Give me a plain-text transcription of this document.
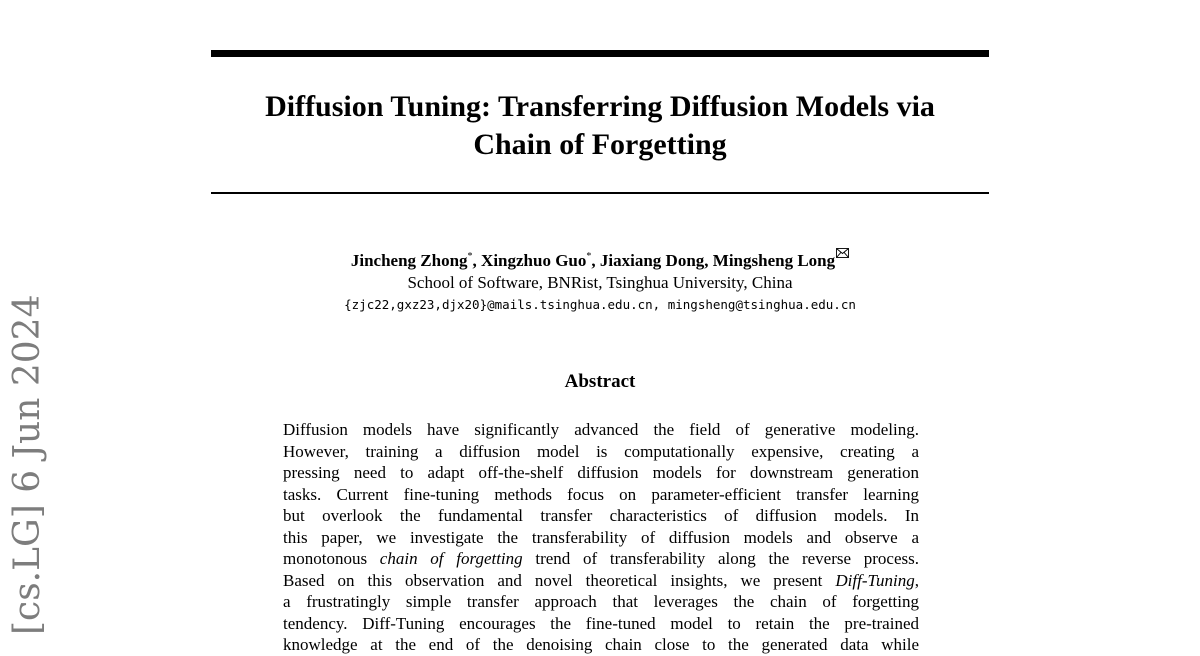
[cs.LG] 6 Jun 2024
Diffusion Tuning: Transferring Diffusion Models via
Chain of Forgetting
Jincheng Zhong*, Xingzhuo Guo*, Jiaxiang Dong, Mingsheng Long
School of Software, BNRist, Tsinghua University, China
{zjc22,gxz23,djx20}@mails.tsinghua.edu.cn, mingsheng@tsinghua.edu.cn
Abstract
Diffusion models have significantly advanced the field of generative modeling.
However, training a diffusion model is computationally expensive, creating a
pressing need to adapt off-the-shelf diffusion models for downstream generation
tasks. Current fine-tuning methods focus on parameter-efficient transfer learning
but overlook the fundamental transfer characteristics of diffusion models. In
this paper, we investigate the transferability of diffusion models and observe a
monotonous chain of forgetting trend of transferability along the reverse process.
Based on this observation and novel theoretical insights, we present Diff-Tuning,
a frustratingly simple transfer approach that leverages the chain of forgetting
tendency. Diff-Tuning encourages the fine-tuned model to retain the pre-trained
knowledge at the end of the denoising chain close to the generated data while
